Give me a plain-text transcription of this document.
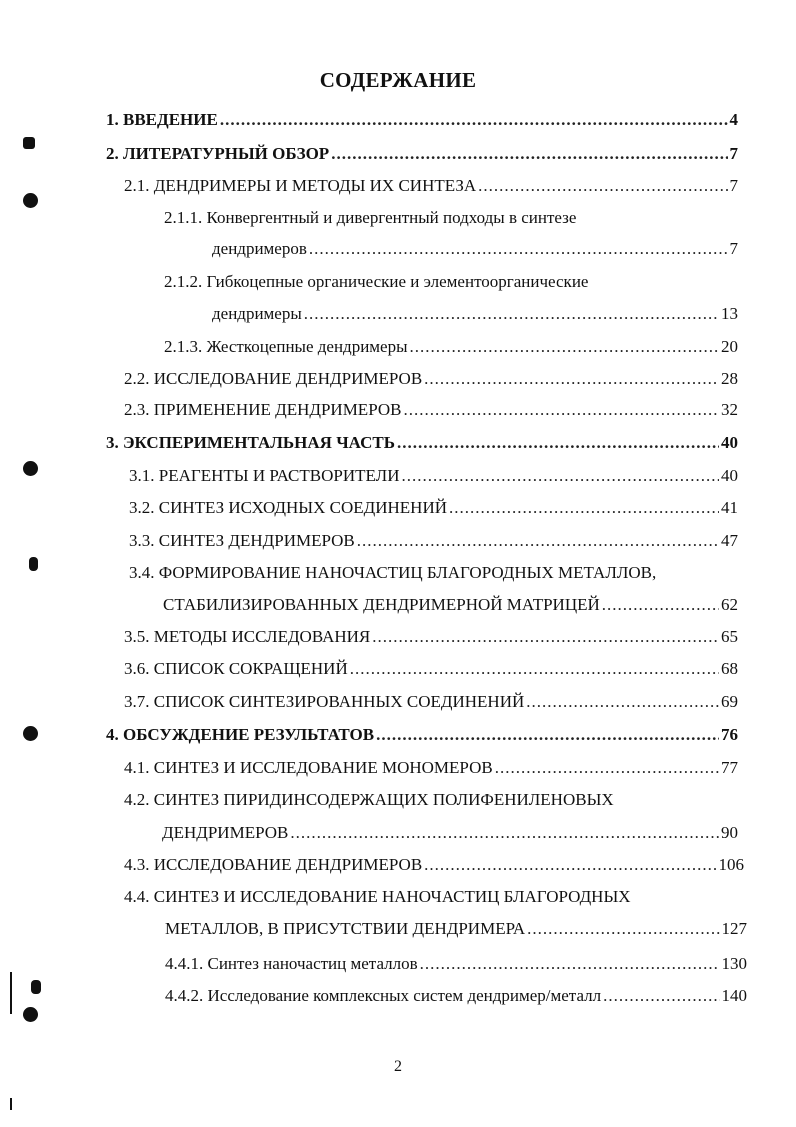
СОДЕРЖАНИЕ
1. ВВЕДЕНИЕ .....	4
2. ЛИТЕРАТУРНЫЙ ОБЗОР .....	7
2.1. ДЕНДРИМЕРЫ И МЕТОДЫ ИХ СИНТЕЗА .....	7
2.1.1. Конвергентный и дивергентный подходы в синтезе
дендримеров .....	7
2.1.2. Гибкоцепные органические и элементоорганические
дендримеры .....	13
2.1.3. Жесткоцепные дендримеры .....	20
2.2. ИССЛЕДОВАНИЕ ДЕНДРИМЕРОВ .....	28
2.3. ПРИМЕНЕНИЕ ДЕНДРИМЕРОВ .....	32
3. ЭКСПЕРИМЕНТАЛЬНАЯ ЧАСТЬ .....	40
3.1. РЕАГЕНТЫ И РАСТВОРИТЕЛИ .....	40
3.2. СИНТЕЗ ИСХОДНЫХ СОЕДИНЕНИЙ .....	41
3.3. СИНТЕЗ ДЕНДРИМЕРОВ .....	47
3.4. ФОРМИРОВАНИЕ НАНОЧАСТИЦ БЛАГОРОДНЫХ МЕТАЛЛОВ,
СТАБИЛИЗИРОВАННЫХ ДЕНДРИМЕРНОЙ МАТРИЦЕЙ .....	62
3.5. МЕТОДЫ ИССЛЕДОВАНИЯ .....	65
3.6. СПИСОК СОКРАЩЕНИЙ .....	68
3.7. СПИСОК СИНТЕЗИРОВАННЫХ СОЕДИНЕНИЙ .....	69
4. ОБСУЖДЕНИЕ РЕЗУЛЬТАТОВ .....	76
4.1. СИНТЕЗ И ИССЛЕДОВАНИЕ МОНОМЕРОВ .....	77
4.2. СИНТЕЗ ПИРИДИНСОДЕРЖАЩИХ ПОЛИФЕНИЛЕНОВЫХ
ДЕНДРИМЕРОВ .....	90
4.3. ИССЛЕДОВАНИЕ ДЕНДРИМЕРОВ .....	106
4.4. СИНТЕЗ И ИССЛЕДОВАНИЕ НАНОЧАСТИЦ БЛАГОРОДНЫХ
МЕТАЛЛОВ, В ПРИСУТСТВИИ ДЕНДРИМЕРА .....	127
4.4.1. Синтез наночастиц металлов .....	130
4.4.2. Исследование комплексных систем дендример/металл .....	140
2
